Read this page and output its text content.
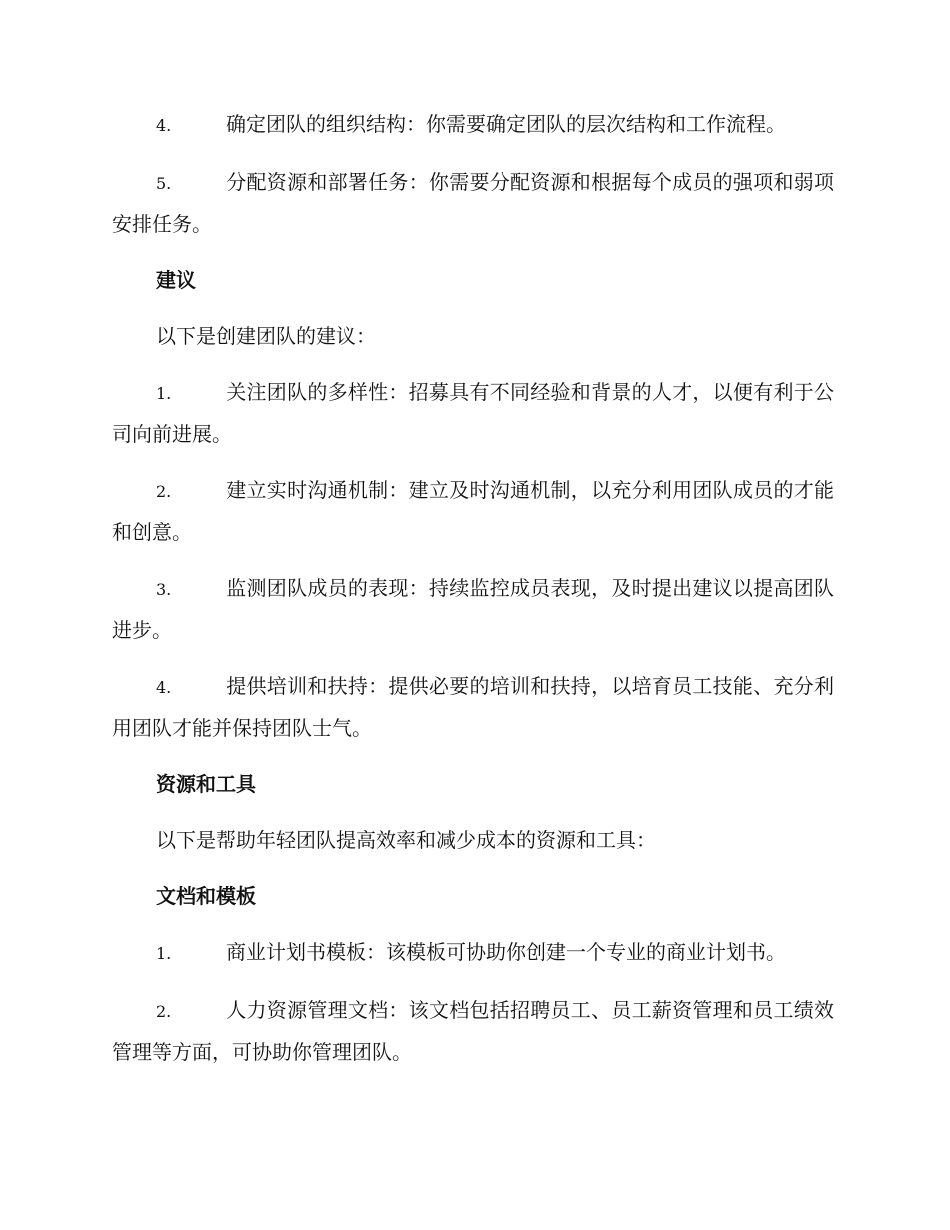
4.	确定团队的组织结构：你需要确定团队的层次结构和工作流程。

5.	分配资源和部署任务：你需要分配资源和根据每个成员的强项和弱项安排任务。

建议

以下是创建团队的建议：

1.	关注团队的多样性：招募具有不同经验和背景的人才，以便有利于公司向前进展。

2.	建立实时沟通机制：建立及时沟通机制，以充分利用团队成员的才能和创意。

3.	监测团队成员的表现：持续监控成员表现，及时提出建议以提高团队进步。

4.	提供培训和扶持：提供必要的培训和扶持，以培育员工技能、充分利用团队才能并保持团队士气。

资源和工具

以下是帮助年轻团队提高效率和减少成本的资源和工具：

文档和模板

1.	商业计划书模板：该模板可协助你创建一个专业的商业计划书。

2.	人力资源管理文档：该文档包括招聘员工、员工薪资管理和员工绩效管理等方面，可协助你管理团队。
